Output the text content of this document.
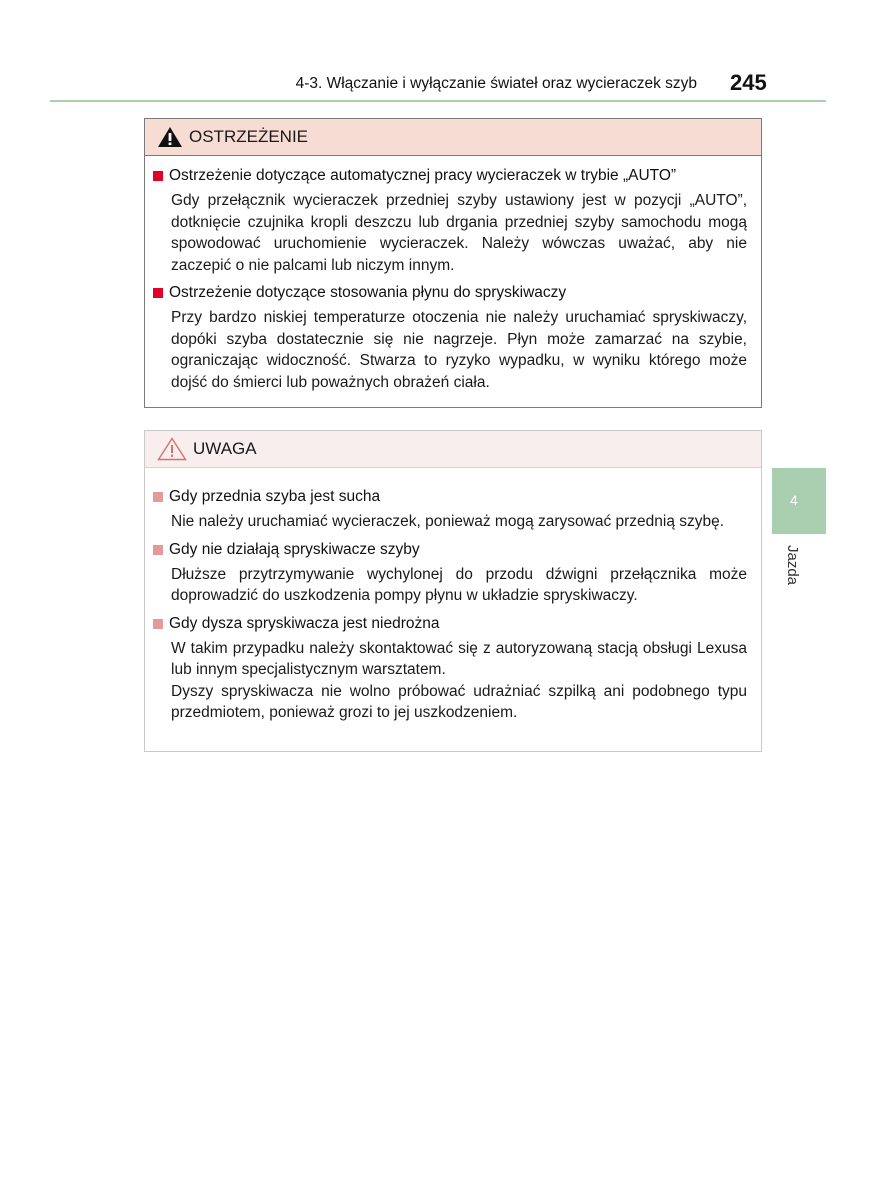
4-3. Włączanie i wyłączanie świateł oraz wycieraczek szyb 245
OSTRZEŻENIE
Ostrzeżenie dotyczące automatycznej pracy wycieraczek w trybie „AUTO”
Gdy przełącznik wycieraczek przedniej szyby ustawiony jest w pozycji „AUTO”, dotknięcie czujnika kropli deszczu lub drgania przedniej szyby samochodu mogą spowodować uruchomienie wycieraczek. Należy wówczas uważać, aby nie zaczepić o nie palcami lub niczym innym.
Ostrzeżenie dotyczące stosowania płynu do spryskiwaczy
Przy bardzo niskiej temperaturze otoczenia nie należy uruchamiać spryskiwaczy, dopóki szyba dostatecznie się nie nagrzeje. Płyn może zamarzać na szybie, ograniczając widoczność. Stwarza to ryzyko wypadku, w wyniku którego może dojść do śmierci lub poważnych obrażeń ciała.
UWAGA
Gdy przednia szyba jest sucha
Nie należy uruchamiać wycieraczek, ponieważ mogą zarysować przednią szybę.
Gdy nie działają spryskiwacze szyby
Dłuższe przytrzymywanie wychylonej do przodu dźwigni przełącznika może doprowadzić do uszkodzenia pompy płynu w układzie spryskiwaczy.
Gdy dysza spryskiwacza jest niedrożna
W takim przypadku należy skontaktować się z autoryzowaną stacją obsługi Lexusa lub innym specjalistycznym warsztatem.
Dyszy spryskiwacza nie wolno próbować udrażniać szpilką ani podobnego typu przedmiotem, ponieważ grozi to jej uszkodzeniem.
4
Jazda
